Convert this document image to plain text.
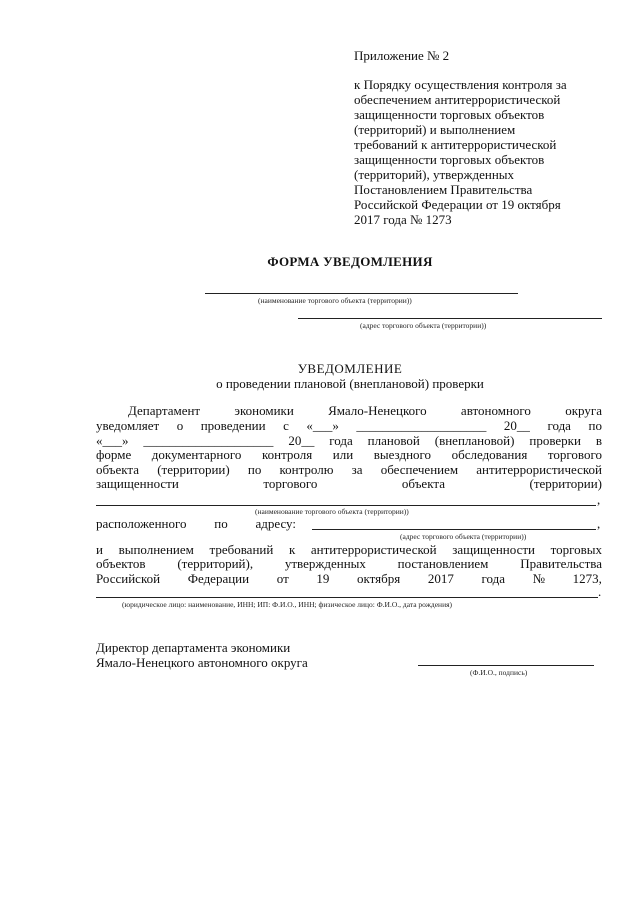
Приложение № 2
к Порядку осуществления контроля за
обеспечением антитеррористической
защищенности торговых объектов
(территорий) и выполнением
требований к антитеррористической
защищенности торговых объектов
(территорий), утвержденных
Постановлением Правительства
Российской Федерации от 19 октября
2017 года № 1273
ФОРМА УВЕДОМЛЕНИЯ
(наименование торгового объекта (территории))
(адрес торгового объекта (территории))
УВЕДОМЛЕНИЕ
о проведении плановой (внеплановой) проверки
Департамент	экономики	Ямало-Ненецкого	автономного	округа
уведомляет о проведении с «___» ____________________ 20__ года по
«___» ____________________ 20__ года плановой (внеплановой) проверки в
форме документарного контроля или выездного обследования торгового
объекта (территории) по контролю за обеспечением антитеррористической
защищенности	торгового	объекта	(территории)
,
(наименование торгового объекта (территории))
расположенного по адресу:	,
(адрес торгового объекта (территории))
и выполнением требований к антитеррористической защищенности торговых
объектов (территорий), утвержденных постановлением Правительства
Российской Федерации от 19 октября 2017 года № 1273,
.
(юридическое лицо: наименование, ИНН; ИП: Ф.И.О., ИНН; физическое лицо: Ф.И.О., дата рождения)
Директор департамента экономики
Ямало-Ненецкого автономного округа
(Ф.И.О., подпись)
